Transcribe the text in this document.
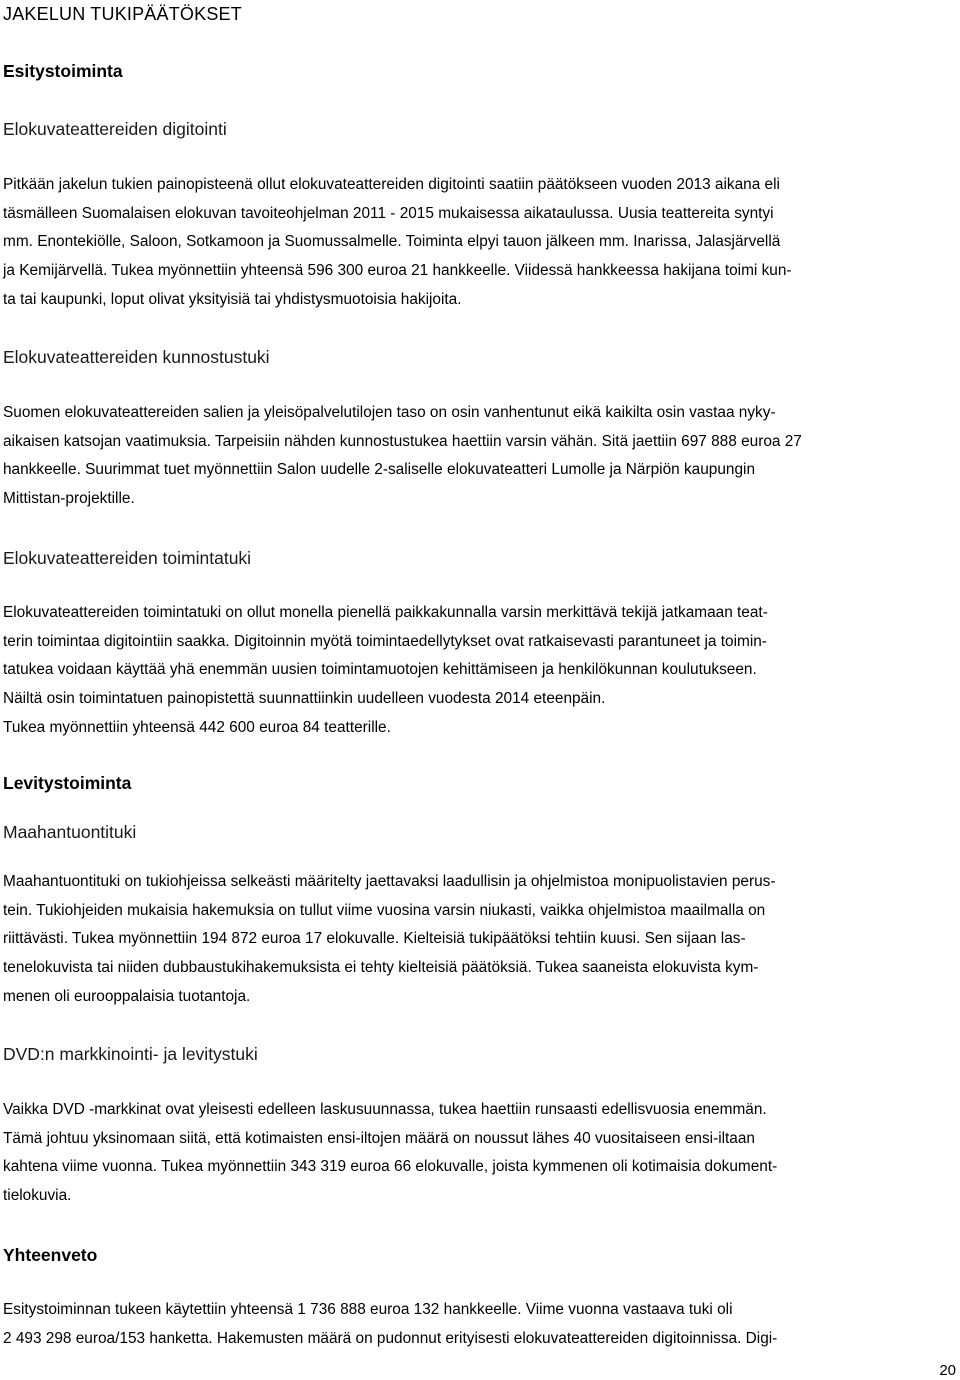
JAKELUN TUKIPÄÄTÖKSET
Esitystoiminta
Elokuvateattereiden digitointi
Pitkään jakelun tukien painopisteenä ollut elokuvateattereiden digitointi saatiin päätökseen vuoden 2013 aikana eli
täsmälleen Suomalaisen elokuvan tavoiteohjelman 2011 - 2015 mukaisessa aikataulussa. Uusia teattereita syntyi
mm. Enontekiölle, Saloon, Sotkamoon ja Suomussalmelle. Toiminta elpyi tauon jälkeen mm. Inarissa, Jalasjärvellä
ja Kemijärvellä. Tukea myönnettiin yhteensä 596 300 euroa 21 hankkeelle. Viidessä hankkeessa hakijana toimi kun-
ta tai kaupunki, loput olivat yksityisiä tai yhdistysmuotoisia hakijoita.
Elokuvateattereiden kunnostustuki
Suomen elokuvateattereiden salien ja yleisöpalvelutilojen taso on osin vanhentunut eikä kaikilta osin vastaa nyky-
aikaisen katsojan vaatimuksia. Tarpeisiin nähden kunnostustukea haettiin varsin vähän. Sitä jaettiin 697 888 euroa 27
hankkeelle. Suurimmat tuet myönnettiin Salon uudelle 2-saliselle elokuvateatteri Lumolle ja Närpiön kaupungin
Mittistan-projektille.
Elokuvateattereiden toimintatuki
Elokuvateattereiden toimintatuki on ollut monella pienellä paikkakunnalla varsin merkittävä tekijä jatkamaan teat-
terin toimintaa digitointiin saakka. Digitoinnin myötä toimintaedellytykset ovat ratkaisevasti parantuneet ja toimin-
tatukea voidaan käyttää yhä enemmän uusien toimintamuotojen kehittämiseen ja henkilökunnan koulutukseen.
Näiltä osin toimintatuen painopistettä suunnattiinkin uudelleen vuodesta 2014 eteenpäin.
Tukea myönnettiin yhteensä 442 600 euroa 84 teatterille.
Levitystoiminta
Maahantuontituki
Maahantuontituki on tukiohjeissa selkeästi määritelty jaettavaksi laadullisin ja ohjelmistoa monipuolistavien perus-
tein. Tukiohjeiden mukaisia hakemuksia on tullut viime vuosina varsin niukasti, vaikka ohjelmistoa maailmalla on
riittävästi. Tukea myönnettiin 194 872 euroa 17 elokuvalle. Kielteisiä tukipäätöksi tehtiin kuusi. Sen sijaan las-
tenelokuvista tai niiden dubbaustukihakemuksista ei tehty kielteisiä päätöksiä. Tukea saaneista elokuvista kym-
menen oli eurooppalaisia tuotantoja.
DVD:n markkinointi- ja levitystuki
Vaikka DVD -markkinat ovat yleisesti edelleen laskusuunnassa, tukea haettiin runsaasti edellisvuosia enemmän.
Tämä johtuu yksinomaan siitä, että kotimaisten ensi-iltojen määrä on noussut lähes 40 vuositaiseen ensi-iltaan
kahtena viime vuonna. Tukea myönnettiin 343 319 euroa 66 elokuvalle, joista kymmenen oli kotimaisia dokument-
tielokuvia.
Yhteenveto
Esitystoiminnan tukeen käytettiin yhteensä 1 736 888 euroa 132 hankkeelle. Viime vuonna vastaava tuki oli
2 493 298 euroa/153 hanketta. Hakemusten määrä on pudonnut erityisesti elokuvateattereiden digitoinnissa. Digi-
20
